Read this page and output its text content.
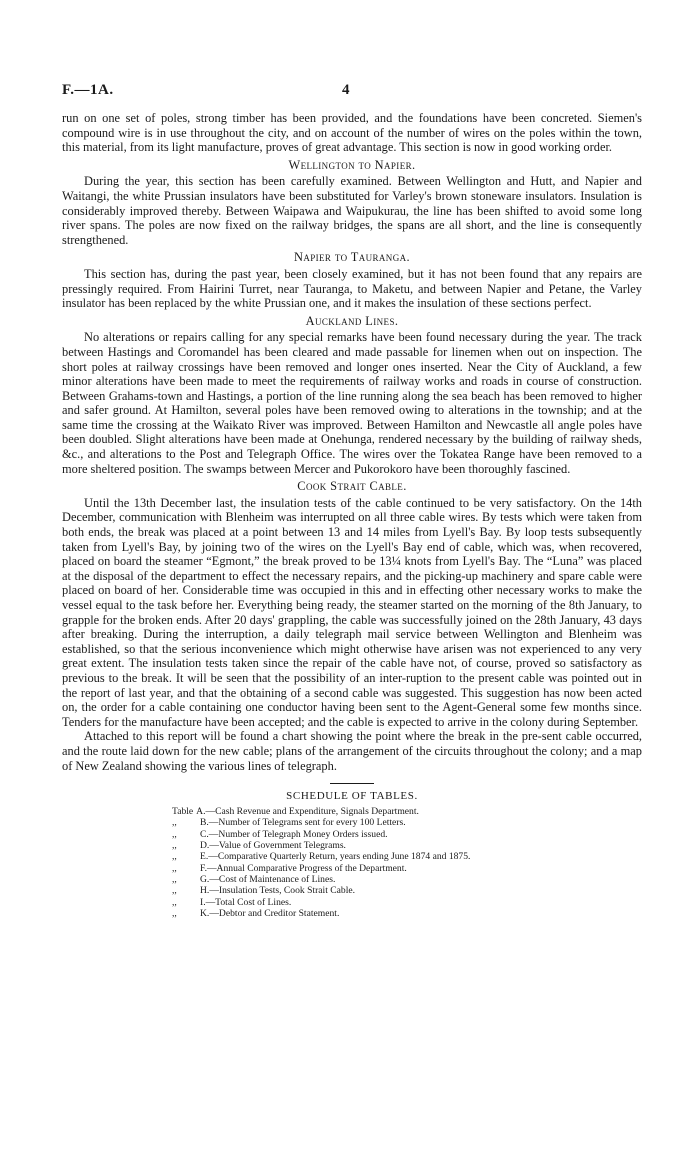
F.—1A.	4

run on one set of poles, strong timber has been provided, and the foundations have been concreted. Siemen's compound wire is in use throughout the city, and on account of the number of wires on the poles within the town, this material, from its light manufacture, proves of great advantage. This section is now in good working order.

Wellington to Napier.

During the year, this section has been carefully examined. Between Wellington and Hutt, and Napier and Waitangi, the white Prussian insulators have been substituted for Varley's brown stoneware insulators. Insulation is considerably improved thereby. Between Waipawa and Waipukurau, the line has been shifted to avoid some long river spans. The poles are now fixed on the railway bridges, the spans are all short, and the line is consequently strengthened.

Napier to Tauranga.

This section has, during the past year, been closely examined, but it has not been found that any repairs are pressingly required. From Hairini Turret, near Tauranga, to Maketu, and between Napier and Petane, the Varley insulator has been replaced by the white Prussian one, and it makes the insulation of these sections perfect.

Auckland Lines.

No alterations or repairs calling for any special remarks have been found necessary during the year. The track between Hastings and Coromandel has been cleared and made passable for linemen when out on inspection. The short poles at railway crossings have been removed and longer ones inserted. Near the City of Auckland, a few minor alterations have been made to meet the requirements of railway works and roads in course of construction. Between Grahams-town and Hastings, a portion of the line running along the sea beach has been removed to higher and safer ground. At Hamilton, several poles have been removed owing to alterations in the township; and at the same time the crossing at the Waikato River was improved. Between Hamilton and Newcastle all angle poles have been doubled. Slight alterations have been made at Onehunga, rendered necessary by the building of railway sheds, &c., and alterations to the Post and Telegraph Office. The wires over the Tokatea Range have been removed to a more sheltered position. The swamps between Mercer and Pukorokoro have been thoroughly fascined.

Cook Strait Cable.

Until the 13th December last, the insulation tests of the cable continued to be very satisfactory. On the 14th December, communication with Blenheim was interrupted on all three cable wires. By tests which were taken from both ends, the break was placed at a point between 13 and 14 miles from Lyell's Bay. By loop tests subsequently taken from Lyell's Bay, by joining two of the wires on the Lyell's Bay end of cable, which was, when recovered, placed on board the steamer “Egmont,” the break proved to be 13¼ knots from Lyell's Bay. The “Luna” was placed at the disposal of the department to effect the necessary repairs, and the picking-up machinery and spare cable were placed on board of her. Considerable time was occupied in this and in effecting other necessary works to make the vessel equal to the task before her. Everything being ready, the steamer started on the morning of the 8th January, to grapple for the broken ends. After 20 days' grappling, the cable was successfully joined on the 28th January, 43 days after breaking. During the interruption, a daily telegraph mail service between Wellington and Blenheim was established, so that the serious inconvenience which might otherwise have arisen was not experienced to any very great extent. The insulation tests taken since the repair of the cable have not, of course, proved so satisfactory as previous to the break. It will be seen that the possibility of an inter-ruption to the present cable was pointed out in the report of last year, and that the obtaining of a second cable was suggested. This suggestion has now been acted on, the order for a cable containing one conductor having been sent to the Agent-General some few months since. Tenders for the manufacture have been accepted; and the cable is expected to arrive in the colony during September.

Attached to this report will be found a chart showing the point where the break in the pre-sent cable occurred, and the route laid down for the new cable; plans of the arrangement of the circuits throughout the colony; and a map of New Zealand showing the various lines of telegraph.

SCHEDULE OF TABLES.
Table A.—Cash Revenue and Expenditure, Signals Department.
,, B.—Number of Telegrams sent for every 100 Letters.
,, C.—Number of Telegraph Money Orders issued.
,, D.—Value of Government Telegrams.
,, E.—Comparative Quarterly Return, years ending June 1874 and 1875.
,, F.—Annual Comparative Progress of the Department.
,, G.—Cost of Maintenance of Lines.
,, H.—Insulation Tests, Cook Strait Cable.
,, I.—Total Cost of Lines.
,, K.—Debtor and Creditor Statement.
